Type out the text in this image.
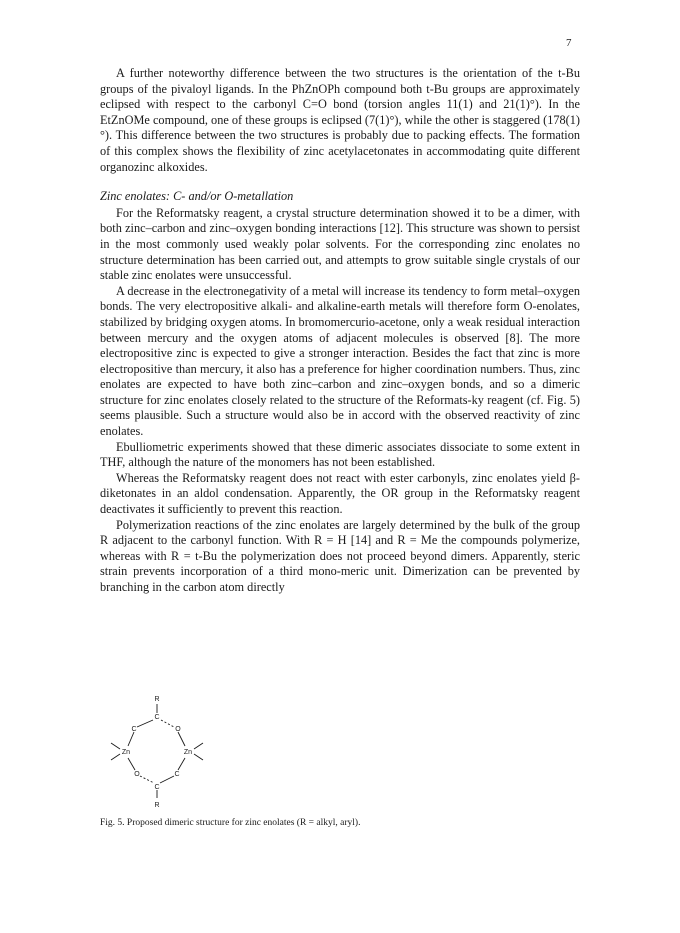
7

A further noteworthy difference between the two structures is the orientation of the t-Bu groups of the pivaloyl ligands. In the PhZnOPh compound both t-Bu groups are approximately eclipsed with respect to the carbonyl C=O bond (torsion angles 11(1) and 21(1)°). In the EtZnOMe compound, one of these groups is eclipsed (7(1)°), while the other is staggered (178(1)°). This difference between the two structures is probably due to packing effects. The formation of this complex shows the flexibility of zinc acetylacetonates in accommodating quite different organozinc alkoxides.

Zinc enolates: C- and/or O-metallation

For the Reformatsky reagent, a crystal structure determination showed it to be a dimer, with both zinc–carbon and zinc–oxygen bonding interactions [12]. This structure was shown to persist in the most commonly used weakly polar solvents. For the corresponding zinc enolates no structure determination has been carried out, and attempts to grow suitable single crystals of our stable zinc enolates were unsuccessful.

A decrease in the electronegativity of a metal will increase its tendency to form metal–oxygen bonds. The very electropositive alkali- and alkaline-earth metals will therefore form O-enolates, stabilized by bridging oxygen atoms. In bromomercurio-acetone, only a weak residual interaction between mercury and the oxygen atoms of adjacent molecules is observed [8]. The more electropositive zinc is expected to give a stronger interaction. Besides the fact that zinc is more electropositive than mercury, it also has a preference for higher coordination numbers. Thus, zinc enolates are expected to have both zinc–carbon and zinc–oxygen bonds, and so a dimeric structure for zinc enolates closely related to the structure of the Reformats-ky reagent (cf. Fig. 5) seems plausible. Such a structure would also be in accord with the observed reactivity of zinc enolates.

Ebulliometric experiments showed that these dimeric associates dissociate to some extent in THF, although the nature of the monomers has not been established.

Whereas the Reformatsky reagent does not react with ester carbonyls, zinc enolates yield β-diketonates in an aldol condensation. Apparently, the OR group in the Reformatsky reagent deactivates it sufficiently to prevent this reaction.

Polymerization reactions of the zinc enolates are largely determined by the bulk of the group R adjacent to the carbonyl function. With R = H [14] and R = Me the compounds polymerize, whereas with R = t-Bu the polymerization does not proceed beyond dimers. Apparently, steric strain prevents incorporation of a third mono-meric unit. Dimerization can be prevented by branching in the carbon atom directly

R
C
C	O
Zn	Zn
O	C
C
R
Fig. 5. Proposed dimeric structure for zinc enolates (R = alkyl, aryl).
